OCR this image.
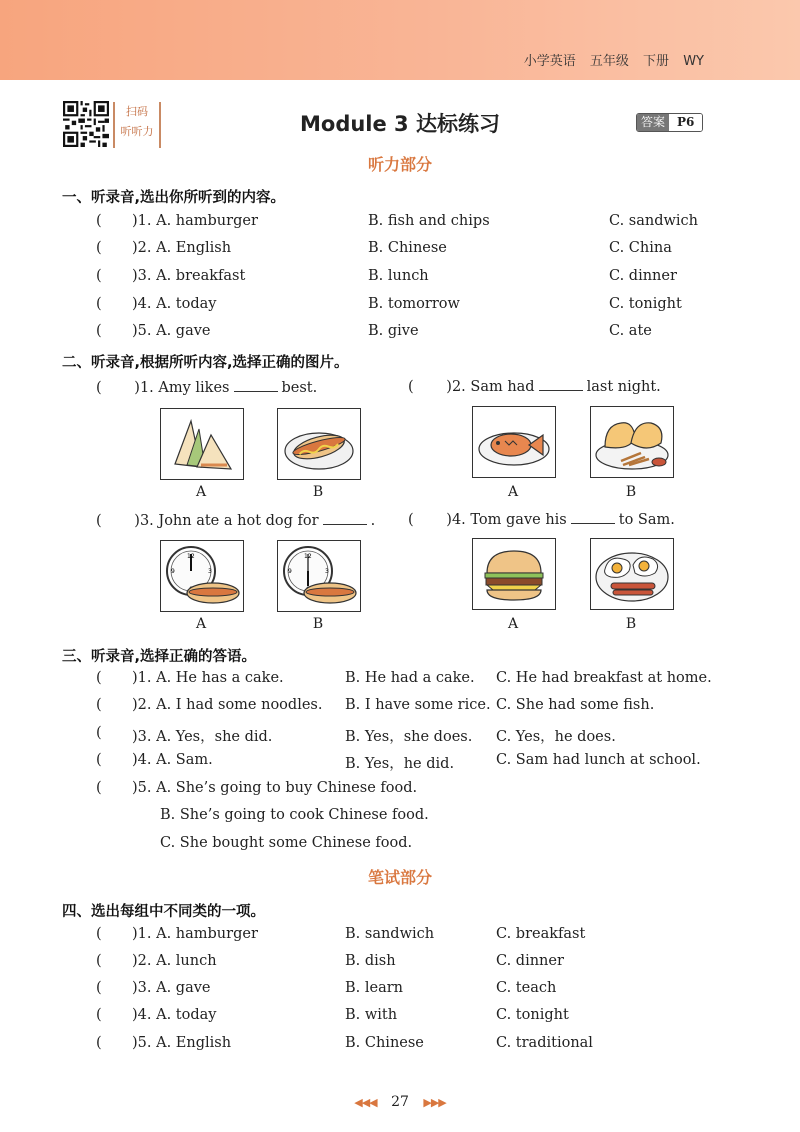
小学英语 五年级 下册 WY
扫码
听听力	Module 3 达标练习	答案	P6
听力部分
一、听录音,选出你所听到的内容。
( )1. A. hamburger	B. fish and chips	C. sandwich
( )2. A. English	B. Chinese	C. China
( )3. A. breakfast	B. lunch	C. dinner
( )4. A. today	B. tomorrow	C. tonight
( )5. A. gave	B. give	C. ate
二、听录音,根据所听内容,选择正确的图片。
( )1. Amy likes	best.	( )2. Sam had	last night.
A	B	A	B
( )3. John ate a hot dog for	. ( )4. Tom gave his	to Sam.
12
3
9
12
3
9
A	B	A	B
三、听录音,选择正确的答语。
( )1. A. He has a cake.	B. He had a cake. C. He had breakfast at home.
( )2. A. I had some noodles. B. I have some rice. C. She had some fish.
( )3. A. Yes，she did.	B. Yes，she does. C. Yes，he does.
( )4. A. Sam.	B. Yes，he did.	C. Sam had lunch at school.
( )5. A. She’s going to buy Chinese food.
B. She’s going to cook Chinese food.
C. She bought some Chinese food.
笔试部分
四、选出每组中不同类的一项。
( )1. A. hamburger	B. sandwich	C. breakfast
( )2. A. lunch	B. dish	C. dinner
( )3. A. gave	B. learn	C. teach
( )4. A. today	B. with	C. tonight
( )5. A. English	B. Chinese	C. traditional
◀◀◀ 27 ▶▶▶
